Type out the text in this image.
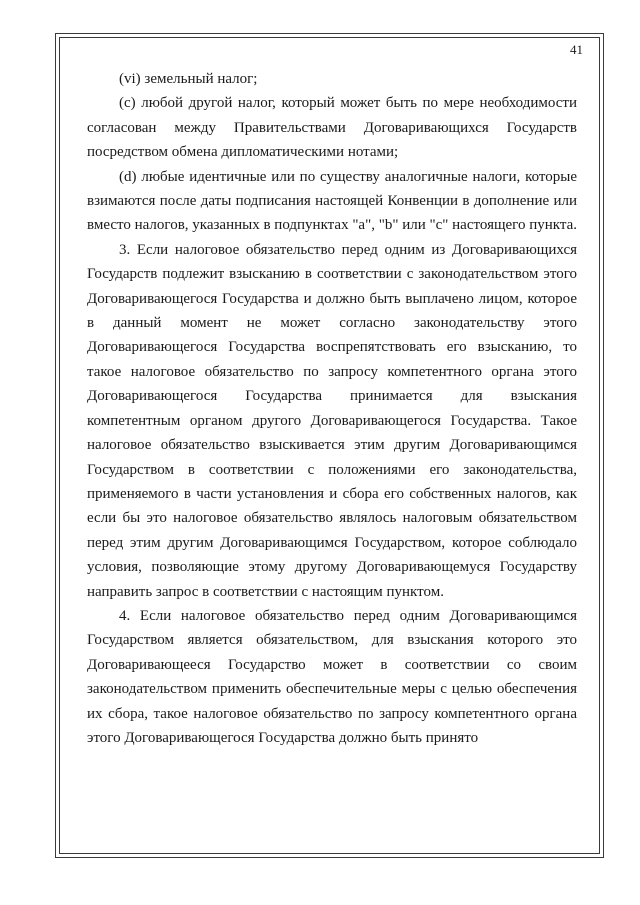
41

(vi) земельный налог;

(c) любой другой налог, который может быть по мере необходимости согласован между Правительствами Договаривающихся Государств посредством обмена дипломатическими нотами;

(d) любые идентичные или по существу аналогичные налоги, которые взимаются после даты подписания настоящей Конвенции в дополнение или вместо налогов, указанных в подпунктах "a", "b" или "c" настоящего пункта.

3. Если налоговое обязательство перед одним из Договаривающихся Государств подлежит взысканию в соответствии с законодательством этого Договаривающегося Государства и должно быть выплачено лицом, которое в данный момент не может согласно законодательству этого Договаривающегося Государства воспрепятствовать его взысканию, то такое налоговое обязательство по запросу компетентного органа этого Договаривающегося Государства принимается для взыскания компетентным органом другого Договаривающегося Государства. Такое налоговое обязательство взыскивается этим другим Договаривающимся Государством в соответствии с положениями его законодательства, применяемого в части установления и сбора его собственных налогов, как если бы это налоговое обязательство являлось налоговым обязательством перед этим другим Договаривающимся Государством, которое соблюдало условия, позволяющие этому другому Договаривающемуся Государству направить запрос в соответствии с настоящим пунктом.

4. Если налоговое обязательство перед одним Договаривающимся Государством является обязательством, для взыскания которого это Договаривающееся Государство может в соответствии со своим законодательством применить обеспечительные меры с целью обеспечения их сбора, такое налоговое обязательство по запросу компетентного органа этого Договаривающегося Государства должно быть принято
